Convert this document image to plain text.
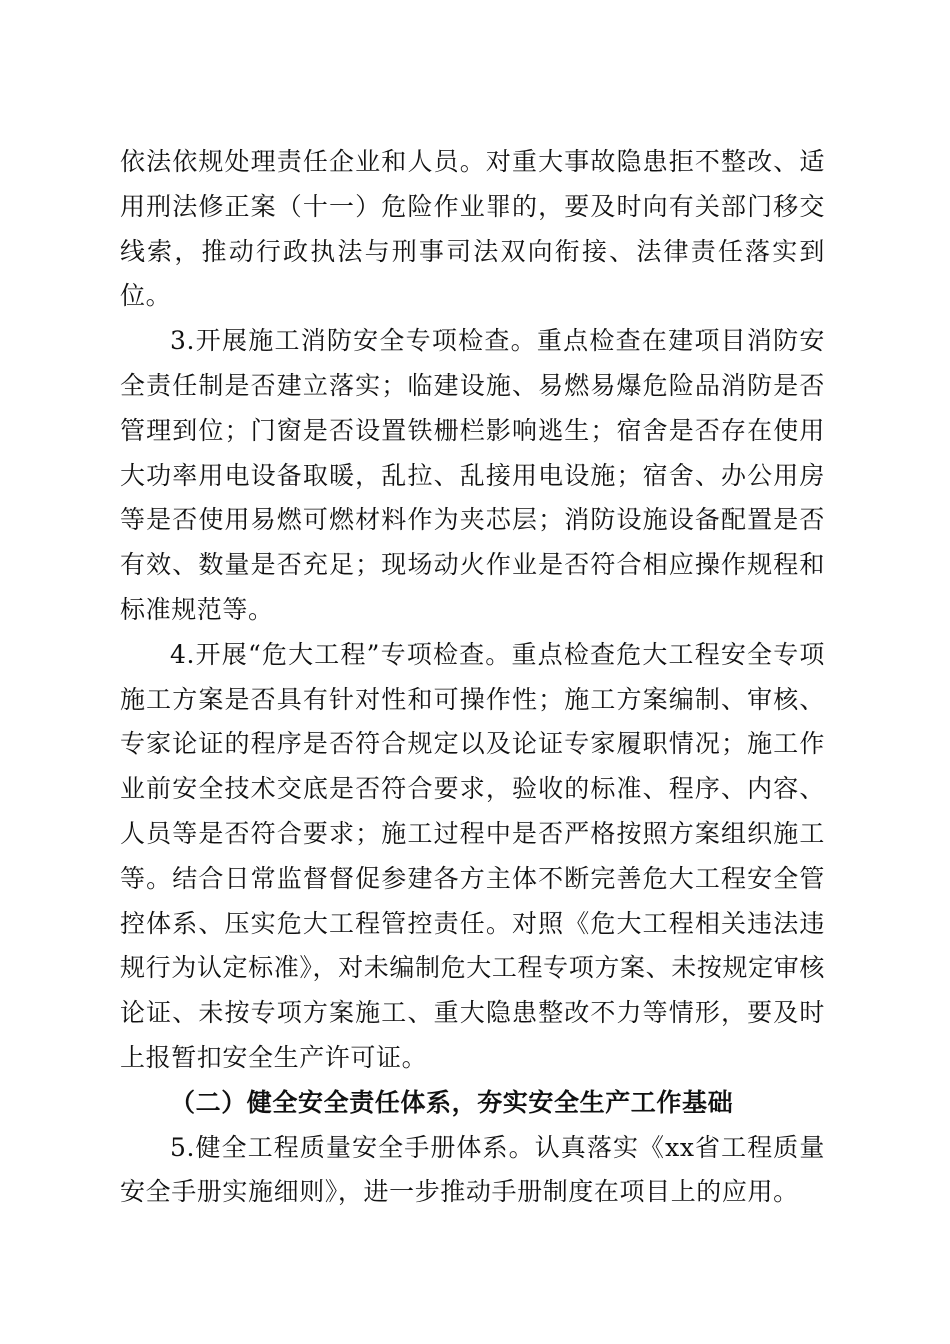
依法依规处理责任企业和人员。对重大事故隐患拒不整改、适用刑法修正案（十一）危险作业罪的，要及时向有关部门移交线索，推动行政执法与刑事司法双向衔接、法律责任落实到位。

3.开展施工消防安全专项检查。重点检查在建项目消防安全责任制是否建立落实；临建设施、易燃易爆危险品消防是否管理到位；门窗是否设置铁栅栏影响逃生；宿舍是否存在使用大功率用电设备取暖，乱拉、乱接用电设施；宿舍、办公用房等是否使用易燃可燃材料作为夹芯层；消防设施设备配置是否有效、数量是否充足；现场动火作业是否符合相应操作规程和标准规范等。

4.开展“危大工程”专项检查。重点检查危大工程安全专项施工方案是否具有针对性和可操作性；施工方案编制、审核、专家论证的程序是否符合规定以及论证专家履职情况；施工作业前安全技术交底是否符合要求，验收的标准、程序、内容、人员等是否符合要求；施工过程中是否严格按照方案组织施工等。结合日常监督督促参建各方主体不断完善危大工程安全管控体系、压实危大工程管控责任。对照《危大工程相关违法违规行为认定标准》，对未编制危大工程专项方案、未按规定审核论证、未按专项方案施工、重大隐患整改不力等情形，要及时上报暂扣安全生产许可证。

（二）健全安全责任体系，夯实安全生产工作基础

5.健全工程质量安全手册体系。认真落实《xx省工程质量安全手册实施细则》，进一步推动手册制度在项目上的应用。
